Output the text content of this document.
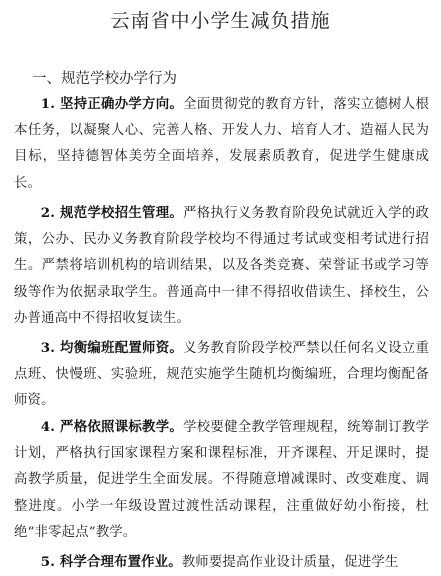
云南省中小学生减负措施

一、规范学校办学行为

1. 坚持正确办学方向。全面贯彻党的教育方针，落实立德树人根本任务，以凝聚人心、完善人格、开发人力、培育人才、造福人民为目标，坚持德智体美劳全面培养，发展素质教育，促进学生健康成长。

2. 规范学校招生管理。严格执行义务教育阶段免试就近入学的政策，公办、民办义务教育阶段学校均不得通过考试或变相考试进行招生。严禁将培训机构的培训结果，以及各类竞赛、荣誉证书或学习等级等作为依据录取学生。普通高中一律不得招收借读生、择校生，公办普通高中不得招收复读生。

3. 均衡编班配置师资。义务教育阶段学校严禁以任何名义设立重点班、快慢班、实验班，规范实施学生随机均衡编班，合理均衡配备师资。

4. 严格依照课标教学。学校要健全教学管理规程，统筹制订教学计划，严格执行国家课程方案和课程标准，开齐课程、开足课时，提高教学质量，促进学生全面发展。不得随意增减课时、改变难度、调整进度。小学一年级设置过渡性活动课程，注重做好幼小衔接，杜绝“非零起点”教学。

5. 科学合理布置作业。教师要提高作业设计质量，促进学生
